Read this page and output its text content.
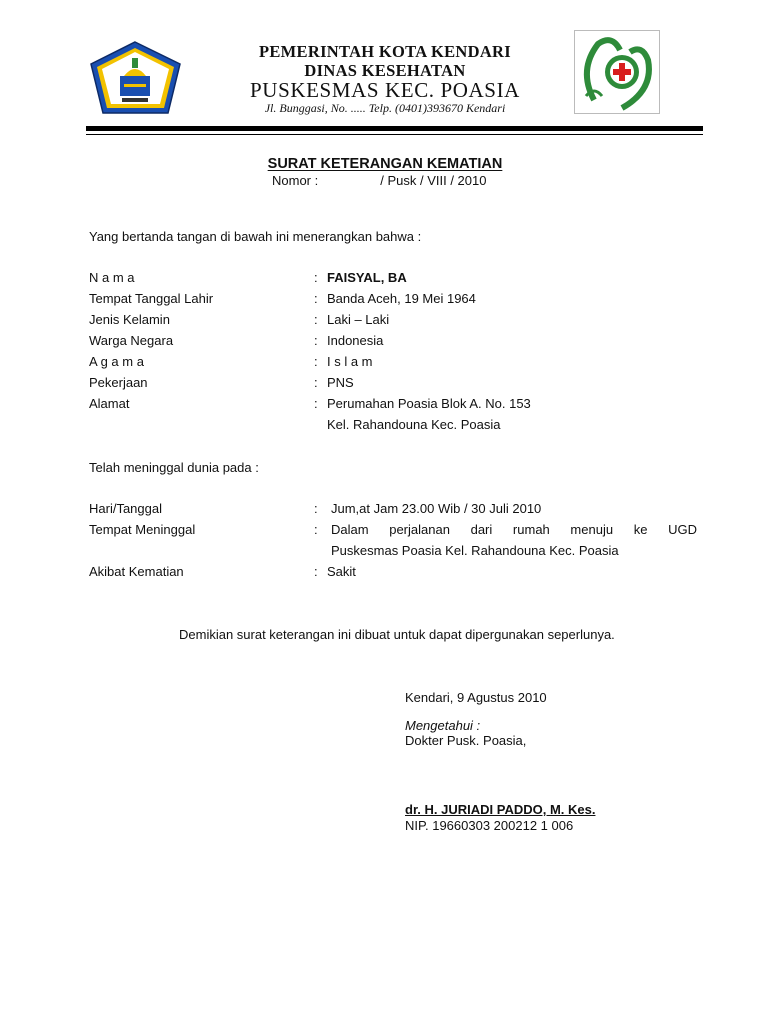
PEMERINTAH KOTA KENDARI
DINAS KESEHATAN
PUSKESMAS KEC. POASIA
Jl. Bunggasi, No. ..... Telp. (0401)393670 Kendari
SURAT KETERANGAN KEMATIAN
Nomor :	/ Pusk / VIII / 2010
Yang bertanda tangan di bawah ini menerangkan bahwa :
N a m a	: FAISYAL, BA
Tempat Tanggal Lahir	: Banda Aceh, 19 Mei 1964
Jenis Kelamin	: Laki – Laki
Warga Negara	: Indonesia
A g a m a	: I s l a m
Pekerjaan	: PNS
Alamat	: Perumahan Poasia Blok A. No. 153
Kel. Rahandouna Kec. Poasia
Telah meninggal dunia pada :
Hari/Tanggal	: Jum,at Jam 23.00 Wib / 30 Juli 2010
Tempat Meninggal	: Dalam perjalanan dari rumah menuju ke UGD
Puskesmas Poasia Kel. Rahandouna Kec. Poasia
Akibat Kematian	: Sakit
Demikian surat keterangan ini dibuat untuk dapat dipergunakan seperlunya.
Kendari, 9 Agustus 2010
Mengetahui :
Dokter Pusk. Poasia,
dr. H. JURIADI PADDO, M. Kes.
NIP. 19660303 200212 1 006
